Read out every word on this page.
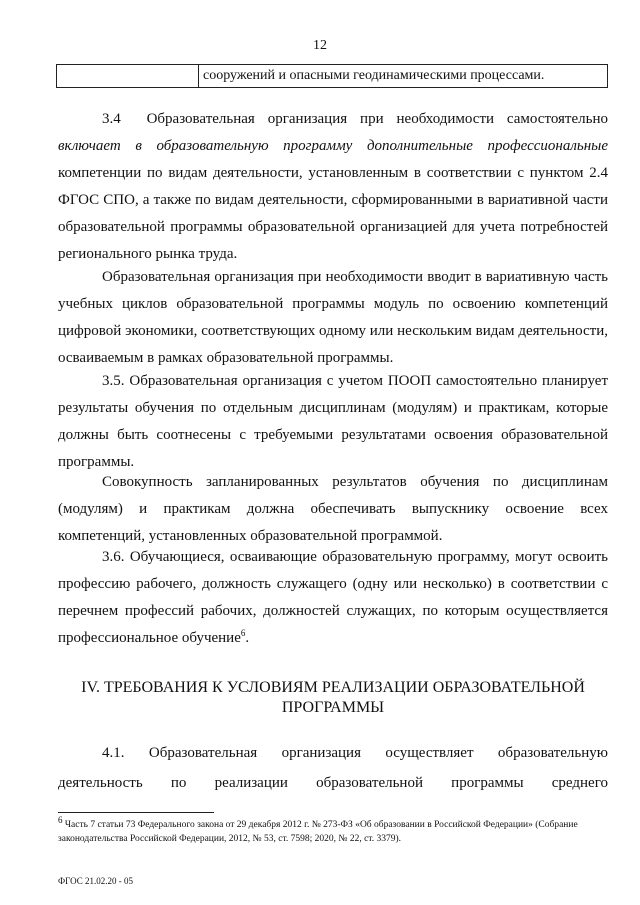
12
сооружений и опасными геодинамическими процессами.

3.4 Образовательная организация при необходимости самостоятельно включает в образовательную программу дополнительные профессиональные компетенции по видам деятельности, установленным в соответствии с пунктом 2.4 ФГОС СПО, а также по видам деятельности, сформированными в вариативной части образовательной программы образовательной организацией для учета потребностей регионального рынка труда.

Образовательная организация при необходимости вводит в вариативную часть учебных циклов образовательной программы модуль по освоению компетенций цифровой экономики, соответствующих одному или нескольким видам деятельности, осваиваемым в рамках образовательной программы.

3.5. Образовательная организация с учетом ПООП самостоятельно планирует результаты обучения по отдельным дисциплинам (модулям) и практикам, которые должны быть соотнесены с требуемыми результатами освоения образовательной программы.

Совокупность запланированных результатов обучения по дисциплинам (модулям) и практикам должна обеспечивать выпускнику освоение всех компетенций, установленных образовательной программой.

3.6. Обучающиеся, осваивающие образовательную программу, могут освоить профессию рабочего, должность служащего (одну или несколько) в соответствии с перечнем профессий рабочих, должностей служащих, по которым осуществляется профессиональное обучение$^6$.

IV. ТРЕБОВАНИЯ К УСЛОВИЯМ РЕАЛИЗАЦИИ ОБРАЗОВАТЕЛЬНОЙ
ПРОГРАММЫ
4.1. Образовательная организация осуществляет образовательную
деятельность по реализации образовательной программы среднего
$^6$ Часть 7 статьи 73 Федерального закона от 29 декабря 2012 г. № 273-ФЗ «Об образовании в Российской Федерации» (Собрание законодательства Российской Федерации, 2012, № 53, ст. 7598; 2020, № 22, ст. 3379).
ФГОС 21.02.20 - 05
